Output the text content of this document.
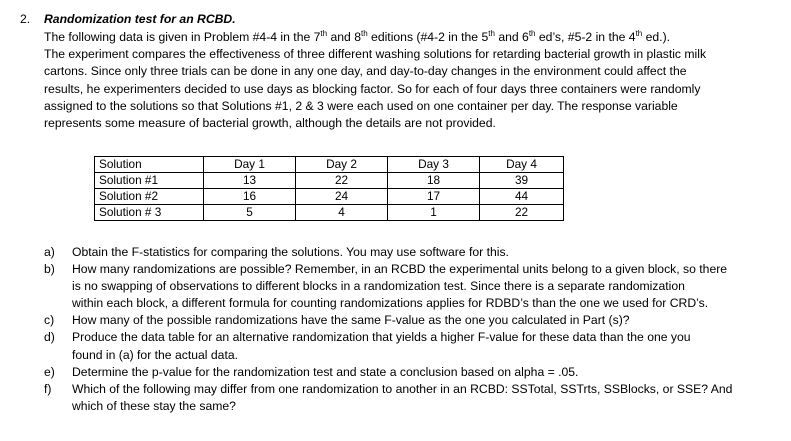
2. Randomization test for an RCBD.

The following data is given in Problem #4-4 in the 7th and 8th editions (#4-2 in the 5th and 6th ed’s, #5-2 in the 4th ed.).

The experiment compares the effectiveness of three different washing solutions for retarding bacterial growth in plastic milk

cartons. Since only three trials can be done in any one day, and day-to-day changes in the environment could affect the

results, he experimenters decided to use days as blocking factor. So for each of four days three containers were randomly

assigned to the solutions so that Solutions #1, 2 & 3 were each used on one container per day. The response variable

represents some measure of bacterial growth, although the details are not provided.

Solution	Day 1	Day 2	Day 3	Day 4
Solution #1	13	22	18	39
Solution #2	16	24	17	44
Solution # 3	5	4	1	22
a) Obtain the F-statistics for comparing the solutions. You may use software for this.
b) How many randomizations are possible? Remember, in an RCBD the experimental units belong to a given block, so there
is no swapping of observations to different blocks in a randomization test. Since there is a separate randomization
within each block, a different formula for counting randomizations applies for RDBD’s than the one we used for CRD’s.
c) How many of the possible randomizations have the same F-value as the one you calculated in Part (s)?
d) Produce the data table for an alternative randomization that yields a higher F-value for these data than the one you
found in (a) for the actual data.
e) Determine the p-value for the randomization test and state a conclusion based on alpha = .05.
f) Which of the following may differ from one randomization to another in an RCBD: SSTotal, SSTrts, SSBlocks, or SSE? And
which of these stay the same?
